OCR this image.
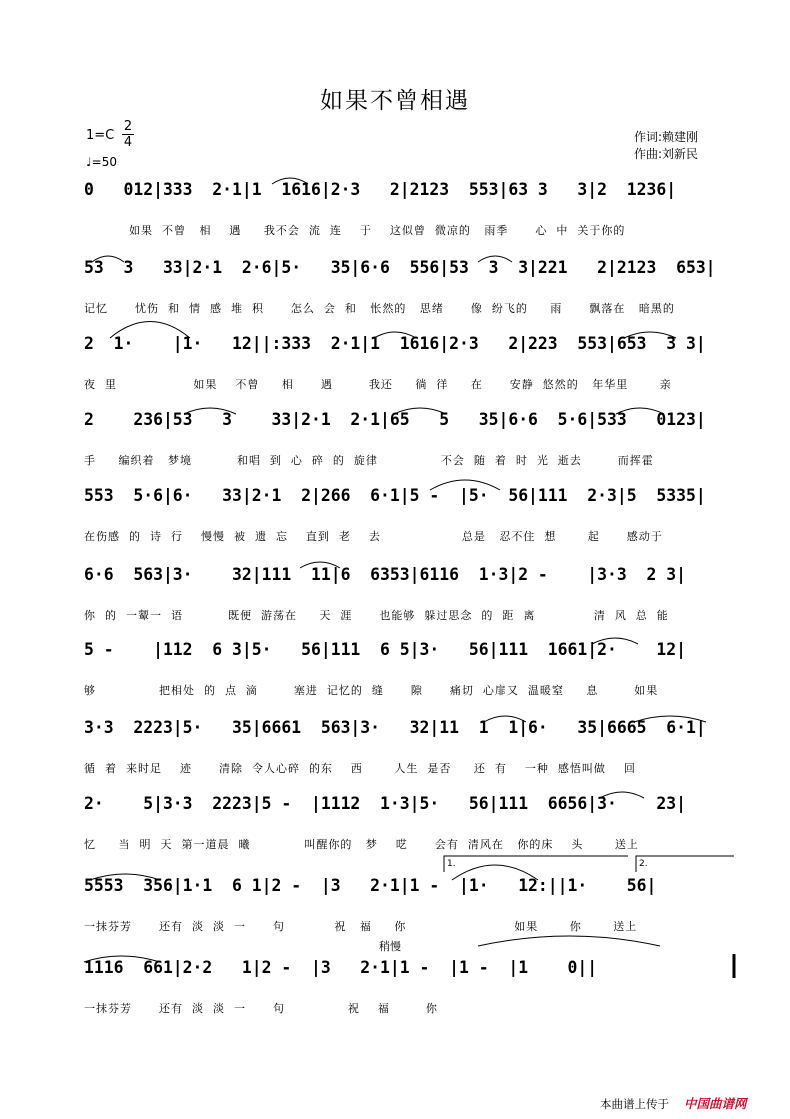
如果不曾相遇
1=C
2
4
♩=50
作词:赖建刚
作曲:刘新民
0   012|333  2·1|1  1616|2·3   2|2123  553|63 3   3|2  1236|
如果  不曾   相    遇     我不会  流  连    于    这似曾  微凉的   雨季      心  中  关于你的
53  3   33|2·1  2·6|5·   35|6·6  556|53  3  3|221   2|2123  653|
记忆      忧伤  和  情  感  堆  积      怎么  会  和   怅然的   思绪      像  纷飞的     雨      飘落在   暗黑的
2  1·    |1·   12||:333  2·1|1  1616|2·3   2|223  553|653  3 3|
夜  里                 如果    不曾     相      遇        我还     徜  徉     在      安静  悠然的   年华里       亲
2    236|53   3    33|2·1  2·1|65   5   35|6·6  5·6|533   0123|
手     编织着   梦境          和唱  到  心  碎  的  旋律              不会  随  着  时  光  逝去        而挥霍
553  5·6|6·   33|2·1  2|266  6·1|5 -  |5·  56|111  2·3|5  5335|
在伤感  的  诗  行    慢慢  被  遗  忘    直到  老    去                  总是   忍不住  想       起      感动于
6·6  563|3·    32|111  11|6  6353|6116  1·3|2 -    |3·3  2 3|
你  的  一颦一  语          既便  游荡在     天  涯      也能够  躲过思念  的  距  离             清  风  总  能
5 -    |112  6 3|5·   56|111  6 5|3·   56|111  1661|2·    12|
够              把相处  的  点  滴        塞进  记忆的  缝      隙      痛切  心扉又  温暖窒     息        如果
3·3  2223|5·   35|6661  563|3·   32|11  1  1|6·   35|6665  6·1|
循  着  来时足    迹      清除  令人心碎  的东    西       人生  是否     还  有    一种  感悟叫做    回
2·    5|3·3  2223|5 -  |1112  1·3|5·   56|111  6656|3·    23|
忆     当  明  天  第一道晨  曦            叫醒你的   梦    呓      会有  清风在   你的床    头       送上
5553  356|1·1  6 1|2 -  |3   2·1|1 -  |1·   12:||1·    56|
一抹芬芳      还有  淡  淡  一      句           祝   福     你                        如果       你       送上
稍慢
1116  661|2·2   1|2 -  |3   2·1|1 -  |1 -  |1    0||
一抹芬芳      还有  淡  淡  一      句              祝    福        你
1.	2.
本曲谱上传于 中国曲谱网
